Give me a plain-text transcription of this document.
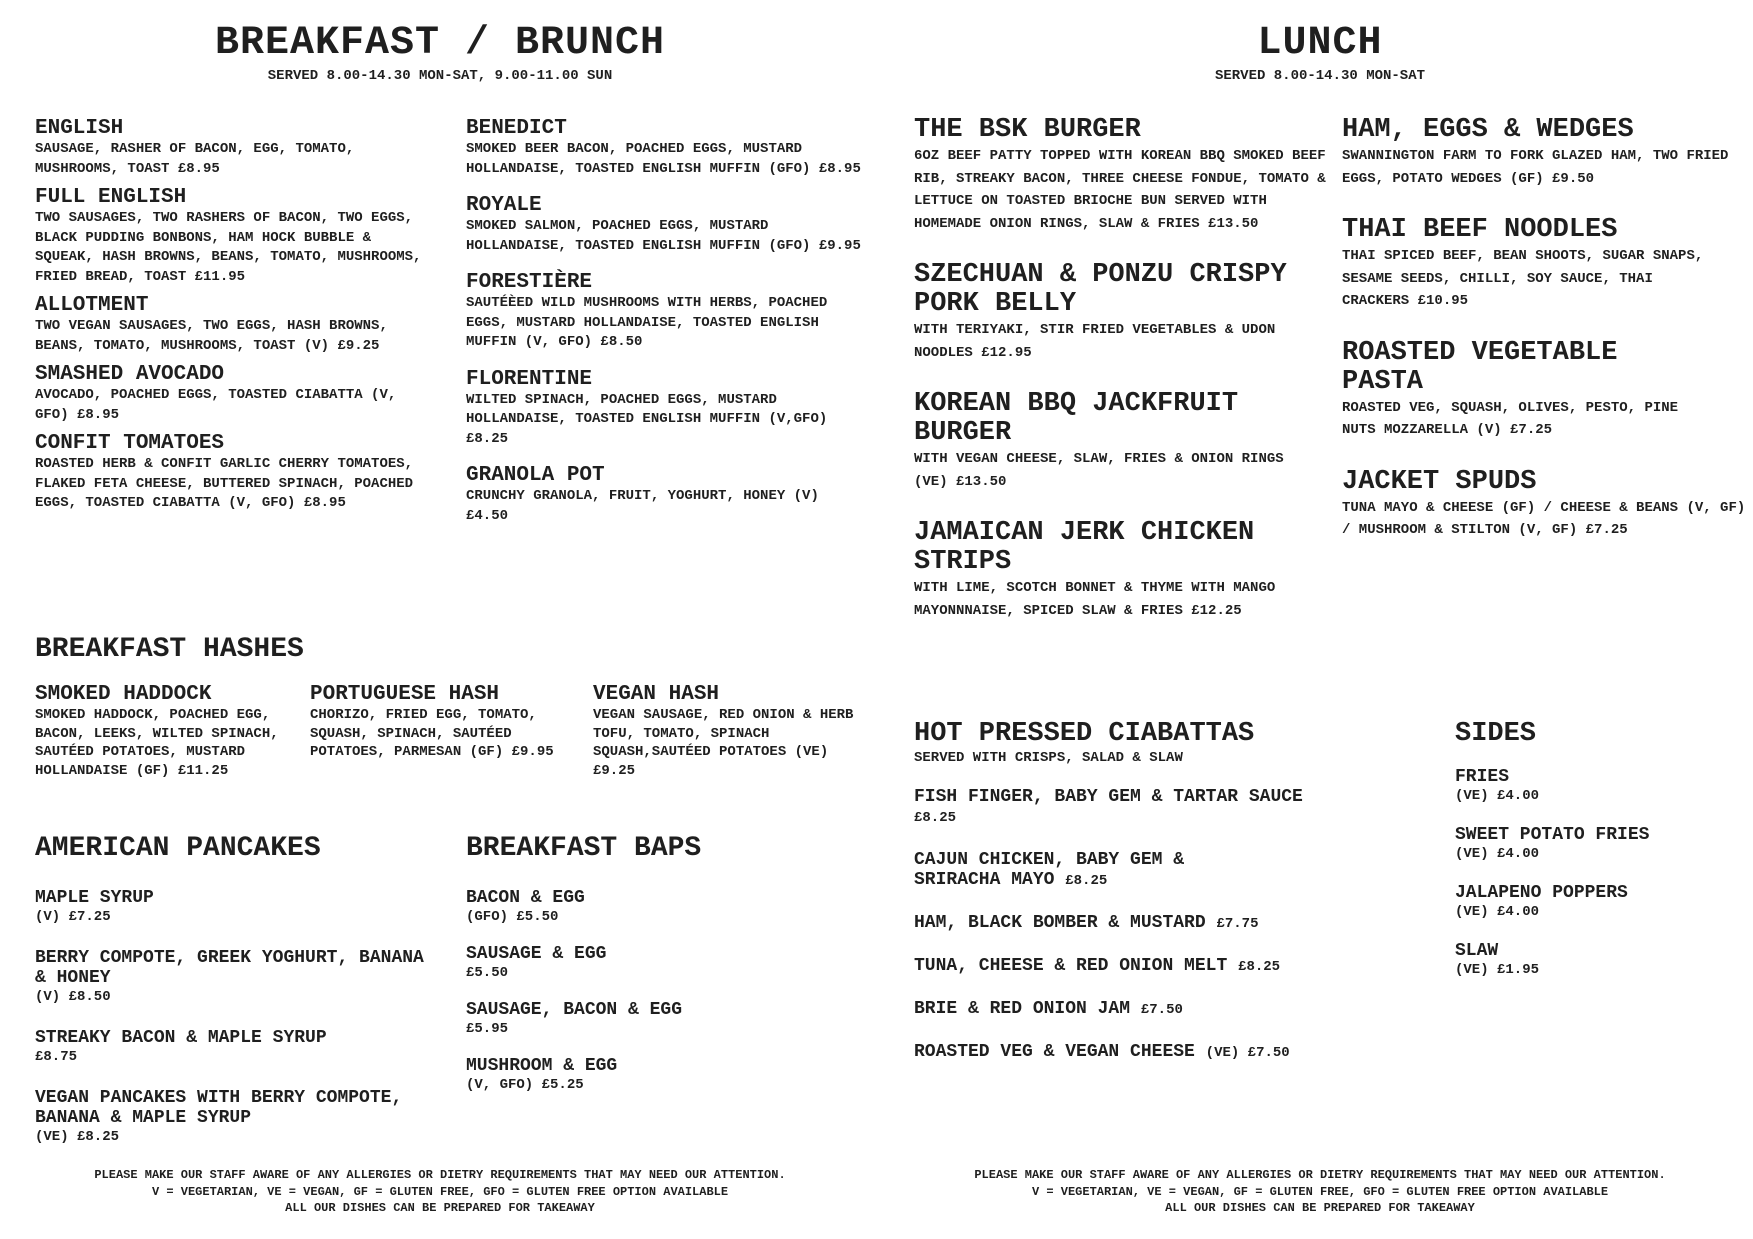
BREAKFAST / BRUNCH
SERVED 8.00-14.30 MON-SAT, 9.00-11.00 SUN
ENGLISH
SAUSAGE, RASHER OF BACON, EGG, TOMATO, MUSHROOMS, TOAST £8.95
FULL ENGLISH
TWO SAUSAGES, TWO RASHERS OF BACON, TWO EGGS, BLACK PUDDING BONBONS, HAM HOCK BUBBLE & SQUEAK, HASH BROWNS, BEANS, TOMATO, MUSHROOMS, FRIED BREAD, TOAST £11.95
ALLOTMENT
TWO VEGAN SAUSAGES, TWO EGGS, HASH BROWNS, BEANS, TOMATO, MUSHROOMS, TOAST (V) £9.25
SMASHED AVOCADO
AVOCADO, POACHED EGGS, TOASTED CIABATTA (V, GFO) £8.95
CONFIT TOMATOES
ROASTED HERB & CONFIT GARLIC CHERRY TOMATOES, FLAKED FETA CHEESE, BUTTERED SPINACH, POACHED EGGS, TOASTED CIABATTA (V, GFO) £8.95
BENEDICT
SMOKED BEER BACON, POACHED EGGS, MUSTARD HOLLANDAISE, TOASTED ENGLISH MUFFIN (GFO) £8.95
ROYALE
SMOKED SALMON, POACHED EGGS, MUSTARD HOLLANDAISE, TOASTED ENGLISH MUFFIN (GFO) £9.95
FORESTIÈRE
SAUTÉÈED WILD MUSHROOMS WITH HERBS, POACHED EGGS, MUSTARD HOLLANDAISE, TOASTED ENGLISH MUFFIN (V, GFO) £8.50
FLORENTINE
WILTED SPINACH, POACHED EGGS, MUSTARD HOLLANDAISE, TOASTED ENGLISH MUFFIN (V,GFO) £8.25
GRANOLA POT
CRUNCHY GRANOLA, FRUIT, YOGHURT, HONEY (V) £4.50
BREAKFAST HASHES
SMOKED HADDOCK
SMOKED HADDOCK, POACHED EGG, BACON, LEEKS, WILTED SPINACH, SAUTÉED POTATOES, MUSTARD HOLLANDAISE (GF) £11.25
PORTUGUESE HASH
CHORIZO, FRIED EGG, TOMATO, SQUASH, SPINACH, SAUTÉED POTATOES, PARMESAN (GF) £9.95
VEGAN HASH
VEGAN SAUSAGE, RED ONION & HERB TOFU, TOMATO, SPINACH SQUASH,SAUTÉED POTATOES (VE) £9.25
AMERICAN PANCAKES
MAPLE SYRUP
(V) £7.25
BERRY COMPOTE, GREEK YOGHURT, BANANA & HONEY
(V) £8.50
STREAKY BACON & MAPLE SYRUP
£8.75
VEGAN PANCAKES WITH BERRY COMPOTE, BANANA & MAPLE SYRUP
(VE) £8.25
BREAKFAST BAPS
BACON & EGG
(GFO) £5.50
SAUSAGE & EGG
£5.50
SAUSAGE, BACON & EGG
£5.95
MUSHROOM & EGG
(V, GFO) £5.25
PLEASE MAKE OUR STAFF AWARE OF ANY ALLERGIES OR DIETRY REQUIREMENTS THAT MAY NEED OUR ATTENTION.
V = VEGETARIAN, VE = VEGAN, GF = GLUTEN FREE, GFO = GLUTEN FREE OPTION AVAILABLE
ALL OUR DISHES CAN BE PREPARED FOR TAKEAWAY
LUNCH
SERVED 8.00-14.30 MON-SAT
THE BSK BURGER
6OZ BEEF PATTY TOPPED WITH KOREAN BBQ SMOKED BEEF RIB, STREAKY BACON, THREE CHEESE FONDUE, TOMATO & LETTUCE ON TOASTED BRIOCHE BUN SERVED WITH HOMEMADE ONION RINGS, SLAW & FRIES £13.50
SZECHUAN & PONZU CRISPY PORK BELLY
WITH TERIYAKI, STIR FRIED VEGETABLES & UDON NOODLES £12.95
KOREAN BBQ JACKFRUIT BURGER
WITH VEGAN CHEESE, SLAW, FRIES & ONION RINGS (VE) £13.50
JAMAICAN JERK CHICKEN STRIPS
WITH LIME, SCOTCH BONNET & THYME WITH MANGO MAYONNNAISE, SPICED SLAW & FRIES £12.25
HAM, EGGS & WEDGES
SWANNINGTON FARM TO FORK GLAZED HAM, TWO FRIED EGGS, POTATO WEDGES (GF) £9.50
THAI BEEF NOODLES
THAI SPICED BEEF, BEAN SHOOTS, SUGAR SNAPS, SESAME SEEDS, CHILLI, SOY SAUCE, THAI CRACKERS £10.95
ROASTED VEGETABLE PASTA
ROASTED VEG, SQUASH, OLIVES, PESTO, PINE NUTS MOZZARELLA (V) £7.25
JACKET SPUDS
TUNA MAYO & CHEESE (GF) / CHEESE & BEANS (V, GF) / MUSHROOM & STILTON (V, GF) £7.25
HOT PRESSED CIABATTAS
SERVED WITH CRISPS, SALAD & SLAW
FISH FINGER, BABY GEM & TARTAR SAUCE £8.25
CAJUN CHICKEN, BABY GEM & SRIRACHA MAYO £8.25
HAM, BLACK BOMBER & MUSTARD £7.75
TUNA, CHEESE & RED ONION MELT £8.25
BRIE & RED ONION JAM £7.50
ROASTED VEG & VEGAN CHEESE (VE) £7.50
SIDES
FRIES
(VE) £4.00
SWEET POTATO FRIES
(VE) £4.00
JALAPENO POPPERS
(VE) £4.00
SLAW
(VE) £1.95
PLEASE MAKE OUR STAFF AWARE OF ANY ALLERGIES OR DIETRY REQUIREMENTS THAT MAY NEED OUR ATTENTION.
V = VEGETARIAN, VE = VEGAN, GF = GLUTEN FREE, GFO = GLUTEN FREE OPTION AVAILABLE
ALL OUR DISHES CAN BE PREPARED FOR TAKEAWAY
